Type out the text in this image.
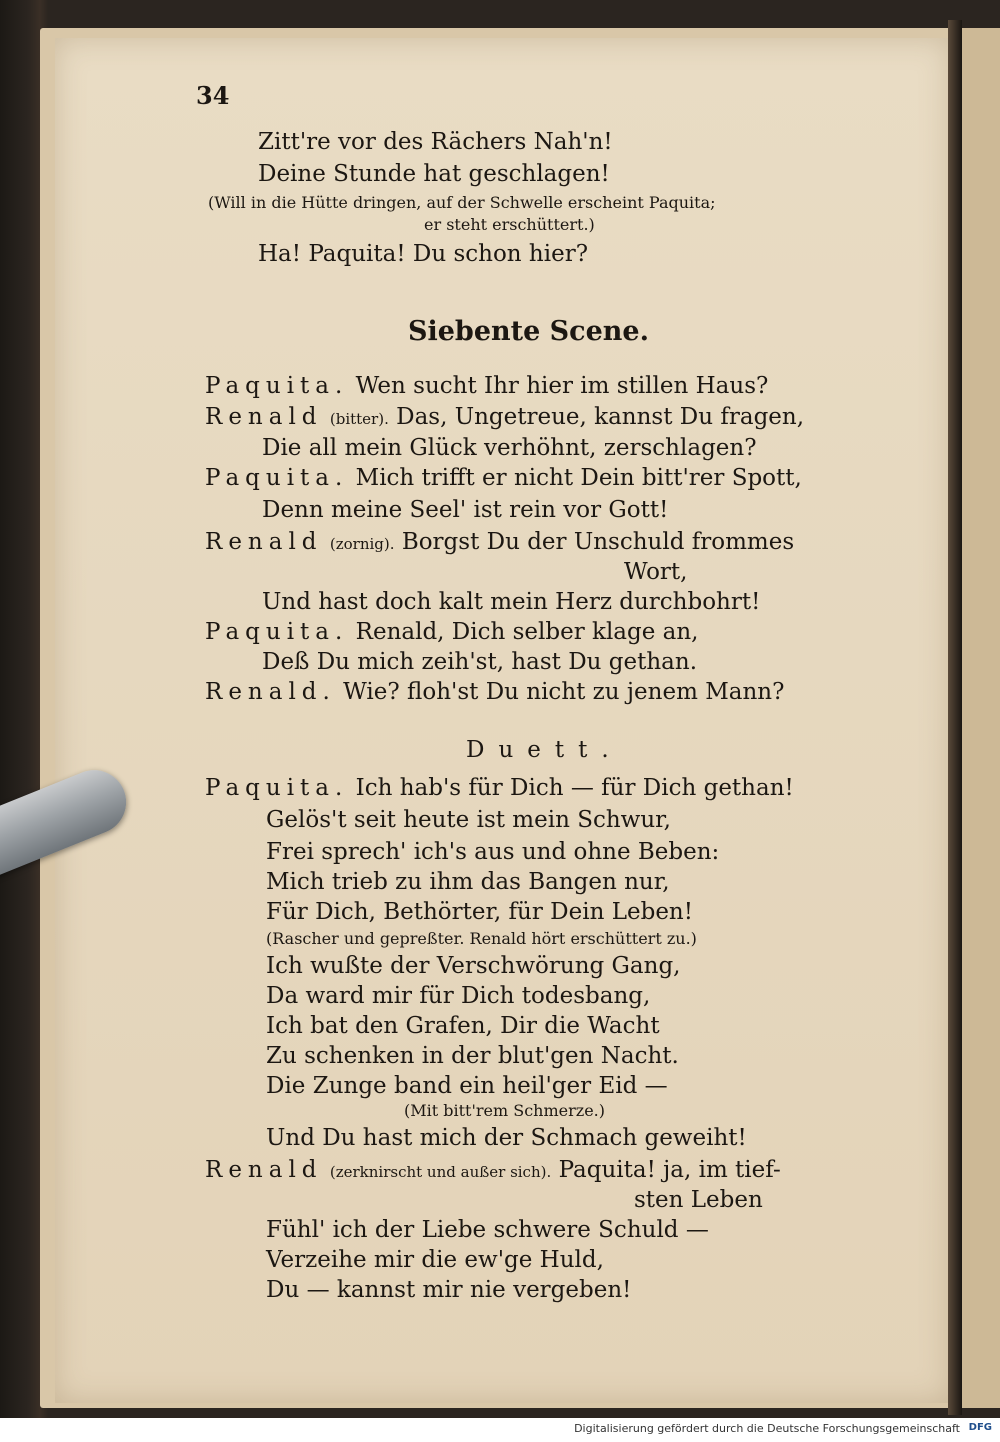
34
Zitt're vor des Rächers Nah'n!
Deine Stunde hat geschlagen!
(Will in die Hütte dringen, auf der Schwelle erscheint Paquita;
er steht erschüttert.)
Ha! Paquita! Du schon hier?
Siebente Scene.
Paquita. Wen sucht Ihr hier im stillen Haus?
Renald (bitter). Das, Ungetreue, kannst Du fragen,
Die all mein Glück verhöhnt, zerschlagen?
Paquita. Mich trifft er nicht Dein bitt'rer Spott,
Denn meine Seel' ist rein vor Gott!
Renald (zornig). Borgst Du der Unschuld frommes
Wort,
Und hast doch kalt mein Herz durchbohrt!
Paquita. Renald, Dich selber klage an,
Deß Du mich zeih'st, hast Du gethan.
Renald. Wie? floh'st Du nicht zu jenem Mann?
Duett.
Paquita. Ich hab's für Dich — für Dich gethan!
Gelös't seit heute ist mein Schwur,
Frei sprech' ich's aus und ohne Beben:
Mich trieb zu ihm das Bangen nur,
Für Dich, Bethörter, für Dein Leben!
(Rascher und gepreßter. Renald hört erschüttert zu.)
Ich wußte der Verschwörung Gang,
Da ward mir für Dich todesbang,
Ich bat den Grafen, Dir die Wacht
Zu schenken in der blut'gen Nacht.
Die Zunge band ein heil'ger Eid —
(Mit bitt'rem Schmerze.)
Und Du hast mich der Schmach geweiht!
Renald (zerknirscht und außer sich). Paquita! ja, im tief-
sten Leben
Fühl' ich der Liebe schwere Schuld —
Verzeihe mir die ew'ge Huld,
Du — kannst mir nie vergeben!
Digitalisierung gefördert durch die Deutsche Forschungsgemeinschaft DFG
